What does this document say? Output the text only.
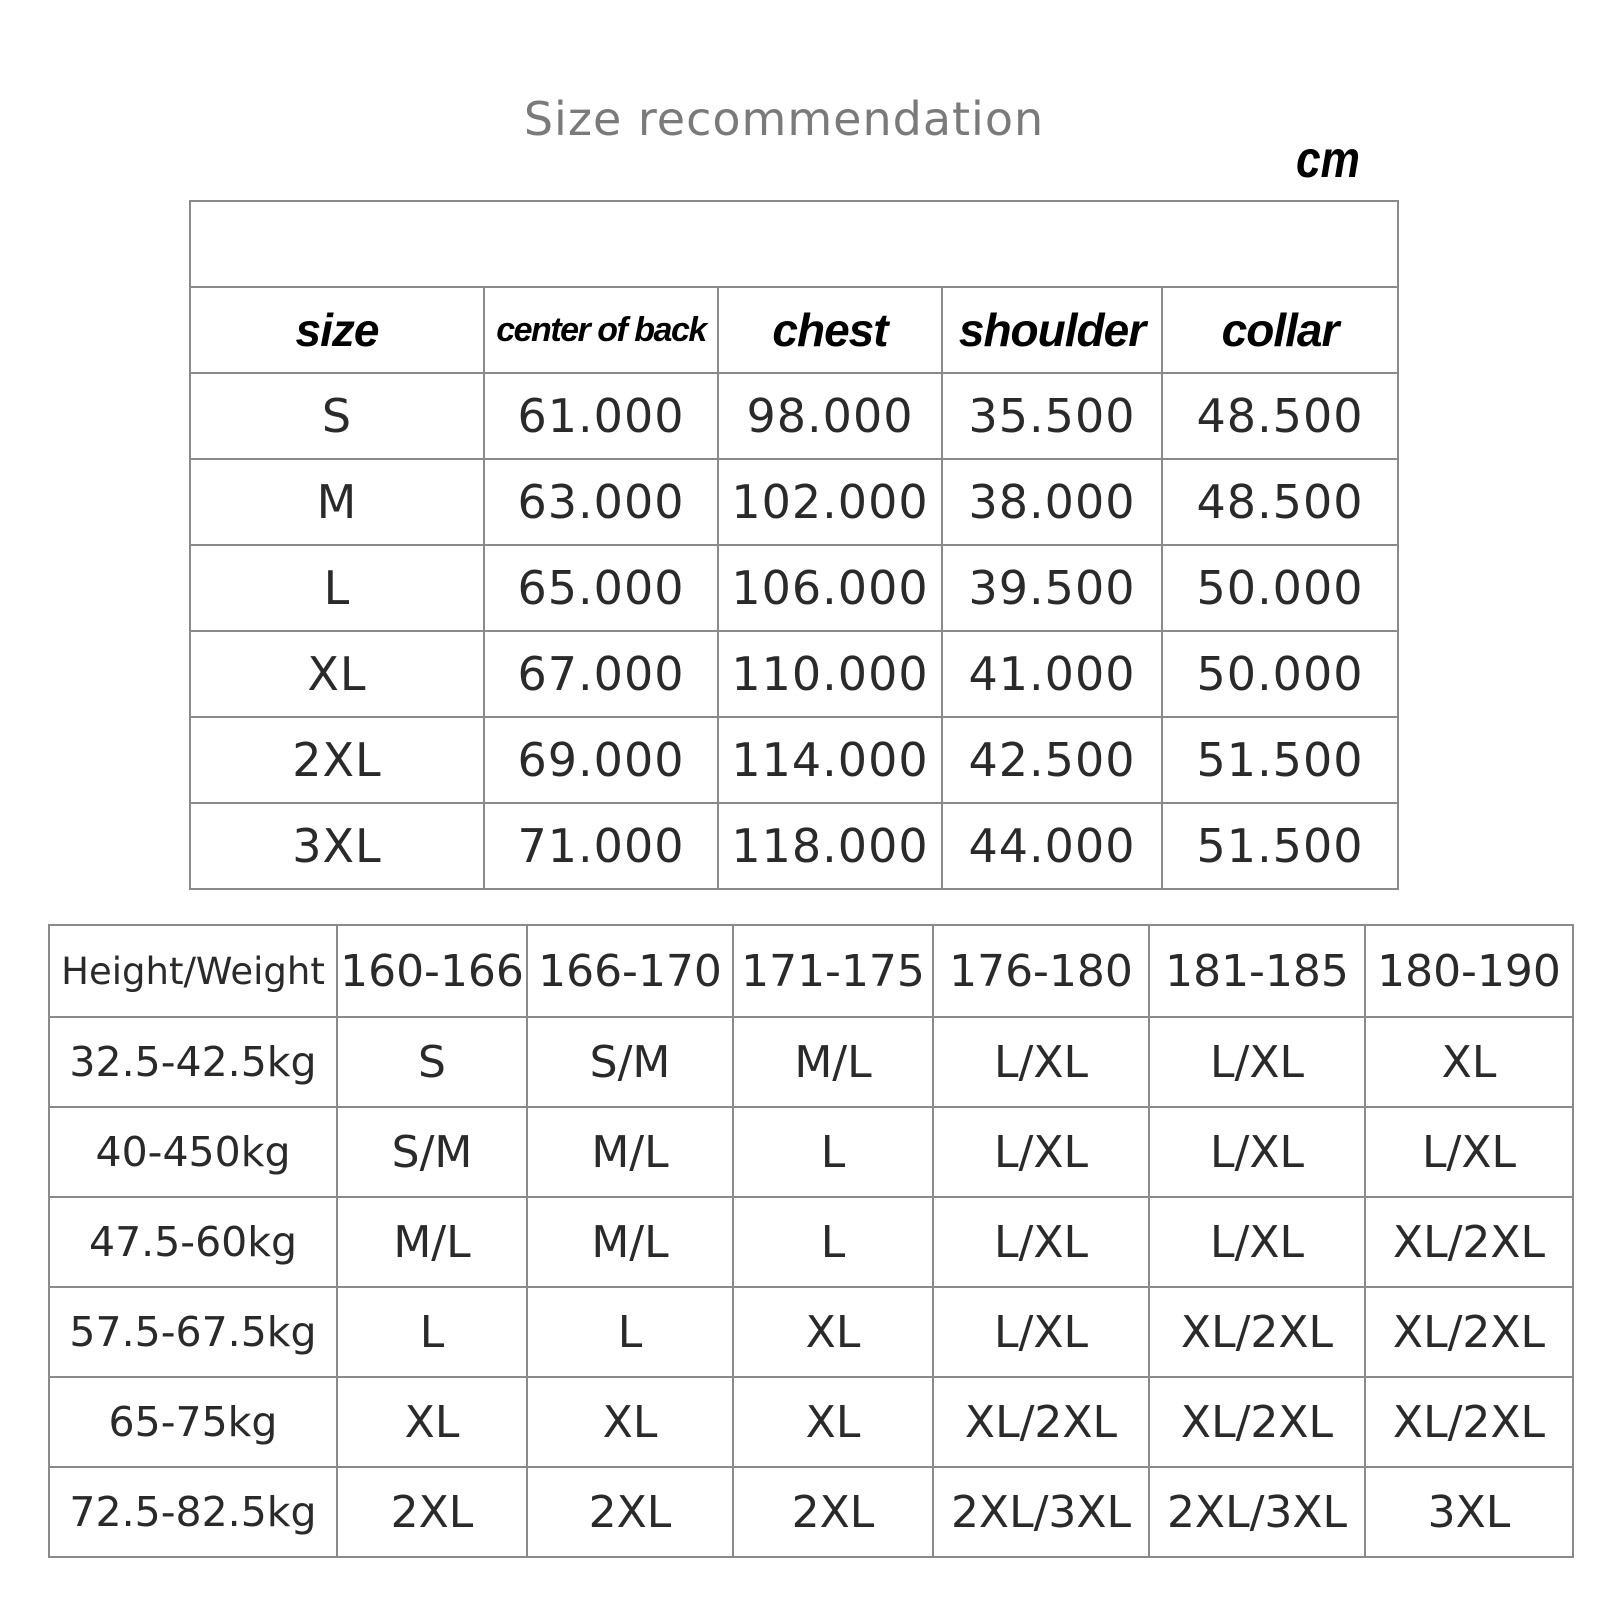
Size recommendation
cm

size	center of back	chest	shoulder	collar
S	61.000	98.000	35.500	48.500
M	63.000	102.000	38.000	48.500
L	65.000	106.000	39.500	50.000
XL	67.000	110.000	41.000	50.000
2XL	69.000	114.000	42.500	51.500
3XL	71.000	118.000	44.000	51.500
Height/Weight	160-166	166-170	171-175	176-180	181-185	180-190
32.5-42.5kg	S	S/M	M/L	L/XL	L/XL	XL
40-450kg	S/M	M/L	L	L/XL	L/XL	L/XL
47.5-60kg	M/L	M/L	L	L/XL	L/XL	XL/2XL
57.5-67.5kg	L	L	XL	L/XL	XL/2XL	XL/2XL
65-75kg	XL	XL	XL	XL/2XL	XL/2XL	XL/2XL
72.5-82.5kg	2XL	2XL	2XL	2XL/3XL	2XL/3XL	3XL
